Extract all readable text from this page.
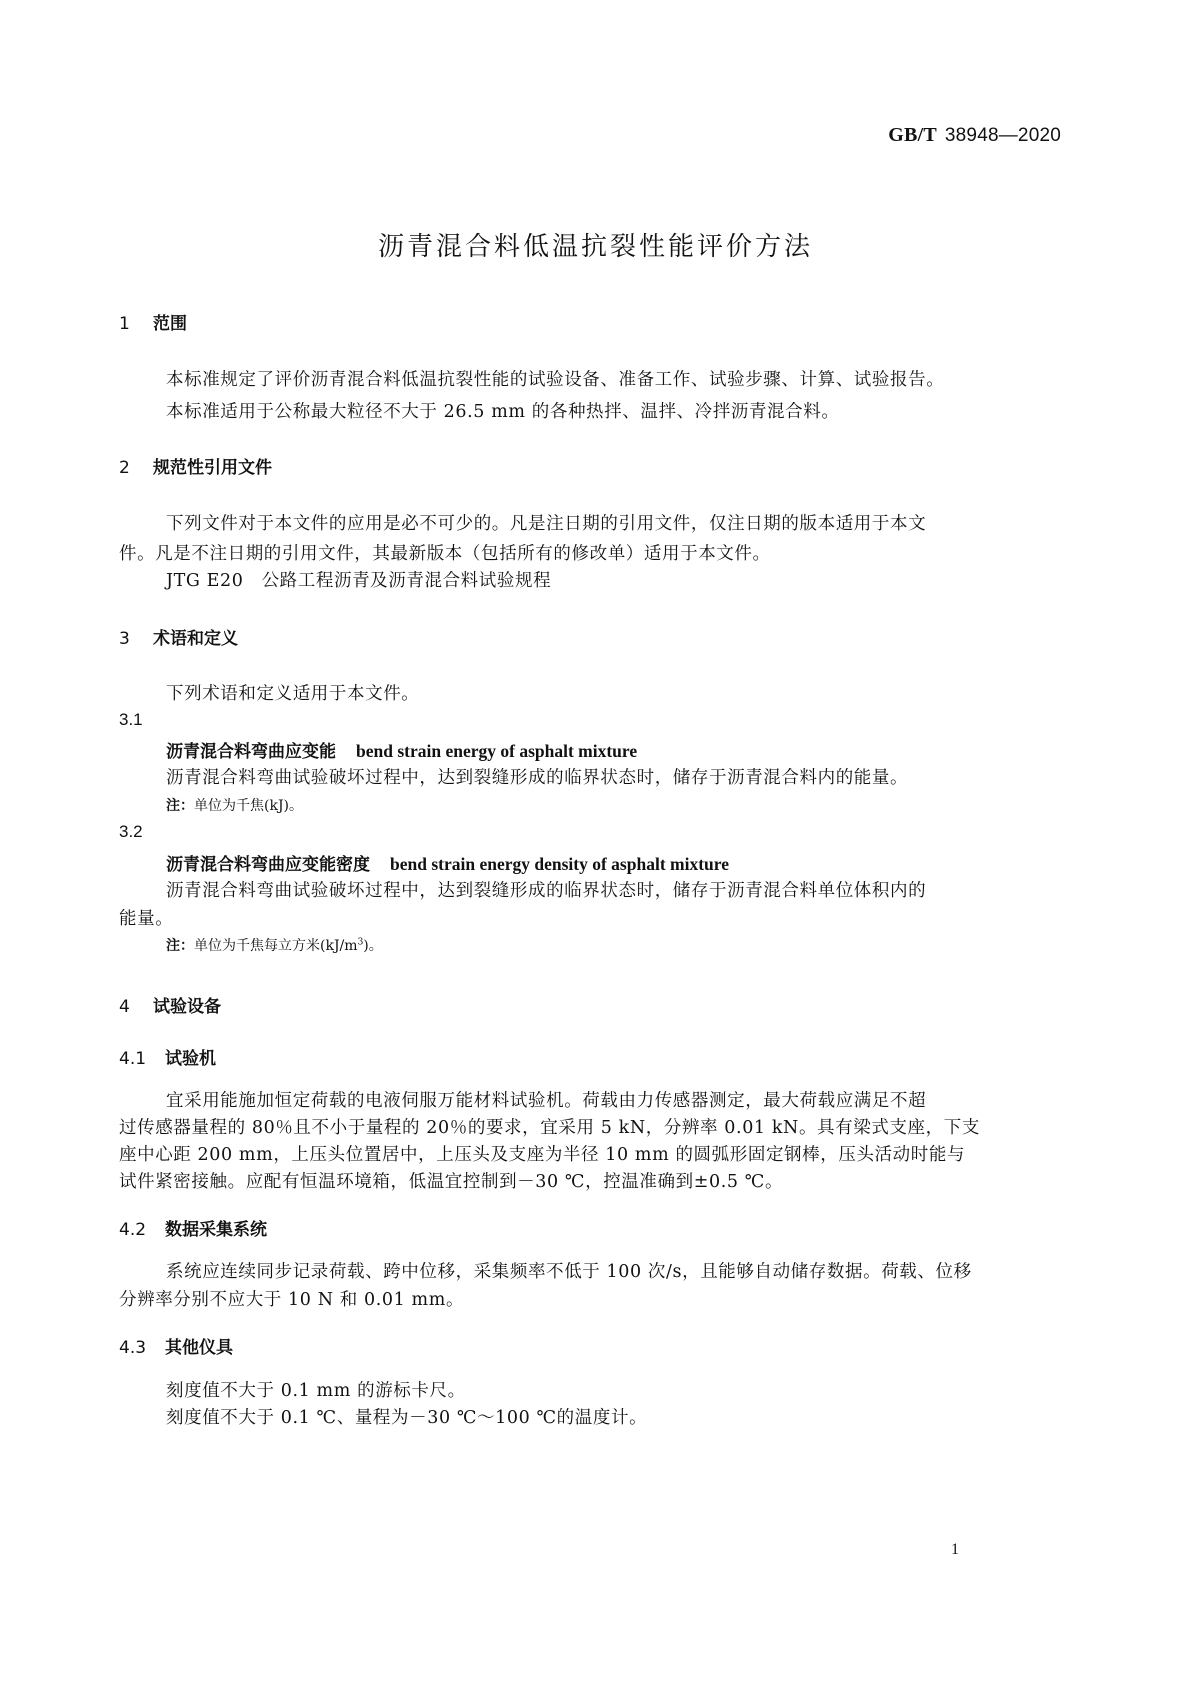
GB/T 38948—2020
沥青混合料低温抗裂性能评价方法
1 范围
本标准规定了评价沥青混合料低温抗裂性能的试验设备、准备工作、试验步骤、计算、试验报告。
本标准适用于公称最大粒径不大于 26.5 mm 的各种热拌、温拌、冷拌沥青混合料。
2 规范性引用文件
下列文件对于本文件的应用是必不可少的。凡是注日期的引用文件，仅注日期的版本适用于本文
件。凡是不注日期的引用文件，其最新版本（包括所有的修改单）适用于本文件。
JTG E20　公路工程沥青及沥青混合料试验规程
3 术语和定义
下列术语和定义适用于本文件。
3.1
沥青混合料弯曲应变能 bend strain energy of asphalt mixture
沥青混合料弯曲试验破坏过程中，达到裂缝形成的临界状态时，储存于沥青混合料内的能量。
注：单位为千焦(kJ)。
3.2
沥青混合料弯曲应变能密度 bend strain energy density of asphalt mixture
沥青混合料弯曲试验破坏过程中，达到裂缝形成的临界状态时，储存于沥青混合料单位体积内的
能量。
注：单位为千焦每立方米$(kJ/m^3)$。
4 试验设备
4.1 试验机
宜采用能施加恒定荷载的电液伺服万能材料试验机。荷载由力传感器测定，最大荷载应满足不超
过传感器量程的 80％且不小于量程的 20％的要求，宜采用 5 kN，分辨率 0.01 kN。具有梁式支座，下支
座中心距 200 mm，上压头位置居中，上压头及支座为半径 10 mm 的圆弧形固定钢棒，压头活动时能与
试件紧密接触。应配有恒温环境箱，低温宜控制到－30 ℃，控温准确到±0.5 ℃。
4.2 数据采集系统
系统应连续同步记录荷载、跨中位移，采集频率不低于 100 次/s，且能够自动储存数据。荷载、位移
分辨率分别不应大于 10 N 和 0.01 mm。
4.3 其他仪具
刻度值不大于 0.1 mm 的游标卡尺。
刻度值不大于 0.1 ℃、量程为－30 ℃～100 ℃的温度计。
1
